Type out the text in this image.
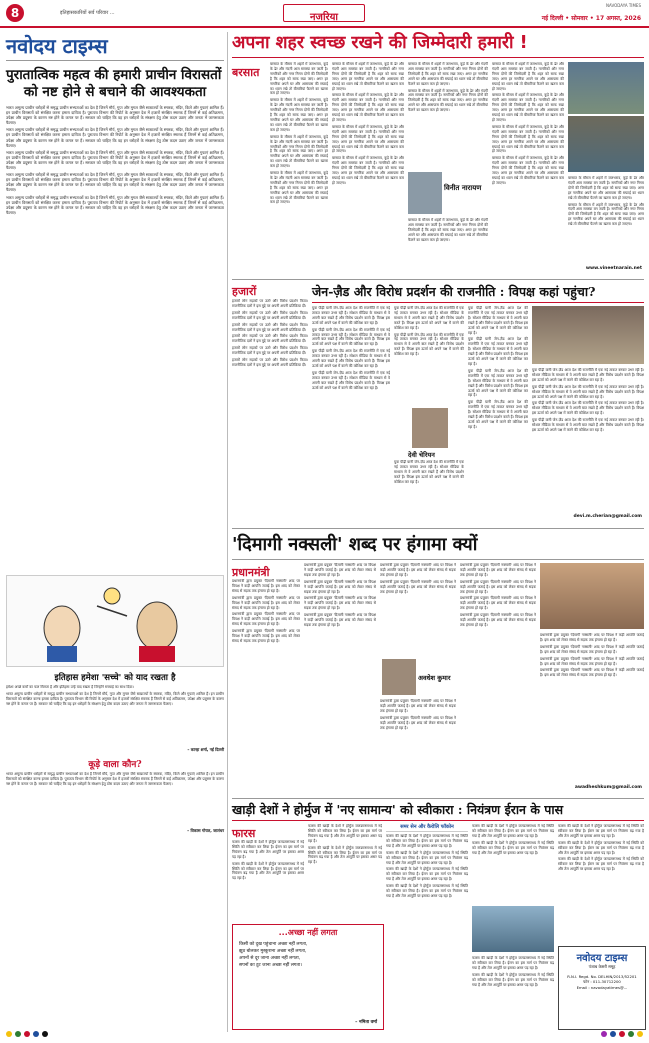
8	इतिहासकारियों सर्व परिवार ...	नजरिया
NAVODAYA TIMES
नई दिल्ली • सोमवार • 17 अगस्त, 2026
नवोदय टाइम्स
पुरातात्विक महत्व की हमारी प्राचीन विरासतों
को नष्ट होने से बचाने की आवश्यकता

भारत अमूल्य प्राचीन धरोहरों से समृद्ध प्राचीन सभ्यताओं का देश है जिनमें मौर्य, गुप्त और मुगल जैसे साम्राज्यों के स्मारक, मंदिर, किले और गुफाएं शामिल हैं। इन प्राचीन विरासतों को संरक्षित करना हमारा दायित्व है। पुरातत्व विभाग की रिपोर्ट के अनुसार देश में हजारों संरक्षित स्मारक हैं जिनमें से कई अतिक्रमण, उपेक्षा और प्रदूषण के कारण नष्ट होने के कगार पर हैं। सरकार को चाहिए कि वह इन धरोहरों के संरक्षण हेतु ठोस कदम उठाए और जनता में जागरूकता फैलाए।

भारत अमूल्य प्राचीन धरोहरों से समृद्ध प्राचीन सभ्यताओं का देश है जिनमें मौर्य, गुप्त और मुगल जैसे साम्राज्यों के स्मारक, मंदिर, किले और गुफाएं शामिल हैं। इन प्राचीन विरासतों को संरक्षित करना हमारा दायित्व है। पुरातत्व विभाग की रिपोर्ट के अनुसार देश में हजारों संरक्षित स्मारक हैं जिनमें से कई अतिक्रमण, उपेक्षा और प्रदूषण के कारण नष्ट होने के कगार पर हैं। सरकार को चाहिए कि वह इन धरोहरों के संरक्षण हेतु ठोस कदम उठाए और जनता में जागरूकता फैलाए।

भारत अमूल्य प्राचीन धरोहरों से समृद्ध प्राचीन सभ्यताओं का देश है जिनमें मौर्य, गुप्त और मुगल जैसे साम्राज्यों के स्मारक, मंदिर, किले और गुफाएं शामिल हैं। इन प्राचीन विरासतों को संरक्षित करना हमारा दायित्व है। पुरातत्व विभाग की रिपोर्ट के अनुसार देश में हजारों संरक्षित स्मारक हैं जिनमें से कई अतिक्रमण, उपेक्षा और प्रदूषण के कारण नष्ट होने के कगार पर हैं। सरकार को चाहिए कि वह इन धरोहरों के संरक्षण हेतु ठोस कदम उठाए और जनता में जागरूकता फैलाए।

भारत अमूल्य प्राचीन धरोहरों से समृद्ध प्राचीन सभ्यताओं का देश है जिनमें मौर्य, गुप्त और मुगल जैसे साम्राज्यों के स्मारक, मंदिर, किले और गुफाएं शामिल हैं। इन प्राचीन विरासतों को संरक्षित करना हमारा दायित्व है। पुरातत्व विभाग की रिपोर्ट के अनुसार देश में हजारों संरक्षित स्मारक हैं जिनमें से कई अतिक्रमण, उपेक्षा और प्रदूषण के कारण नष्ट होने के कगार पर हैं। सरकार को चाहिए कि वह इन धरोहरों के संरक्षण हेतु ठोस कदम उठाए और जनता में जागरूकता फैलाए।

भारत अमूल्य प्राचीन धरोहरों से समृद्ध प्राचीन सभ्यताओं का देश है जिनमें मौर्य, गुप्त और मुगल जैसे साम्राज्यों के स्मारक, मंदिर, किले और गुफाएं शामिल हैं। इन प्राचीन विरासतों को संरक्षित करना हमारा दायित्व है। पुरातत्व विभाग की रिपोर्ट के अनुसार देश में हजारों संरक्षित स्मारक हैं जिनमें से कई अतिक्रमण, उपेक्षा और प्रदूषण के कारण नष्ट होने के कगार पर हैं। सरकार को चाहिए कि वह इन धरोहरों के संरक्षण हेतु ठोस कदम उठाए और जनता में जागरूकता फैलाए।

इतिहास हमेशा 'सच्चे' को याद रखता है

हमेशा अच्छे कर्मों का फल मिलता है और इतिहास उन्हें याद रखता है जिन्होंने सच्चाई का साथ दिया।

भारत अमूल्य प्राचीन धरोहरों से समृद्ध प्राचीन सभ्यताओं का देश है जिनमें मौर्य, गुप्त और मुगल जैसे साम्राज्यों के स्मारक, मंदिर, किले और गुफाएं शामिल हैं। इन प्राचीन विरासतों को संरक्षित करना हमारा दायित्व है। पुरातत्व विभाग की रिपोर्ट के अनुसार देश में हजारों संरक्षित स्मारक हैं जिनमें से कई अतिक्रमण, उपेक्षा और प्रदूषण के कारण नष्ट होने के कगार पर हैं। सरकार को चाहिए कि वह इन धरोहरों के संरक्षण हेतु ठोस कदम उठाए और जनता में जागरूकता फैलाए।

– कान्हा शर्मा, नई दिल्ली
कूड़े वाला कौन?

भारत अमूल्य प्राचीन धरोहरों से समृद्ध प्राचीन सभ्यताओं का देश है जिनमें मौर्य, गुप्त और मुगल जैसे साम्राज्यों के स्मारक, मंदिर, किले और गुफाएं शामिल हैं। इन प्राचीन विरासतों को संरक्षित करना हमारा दायित्व है। पुरातत्व विभाग की रिपोर्ट के अनुसार देश में हजारों संरक्षित स्मारक हैं जिनमें से कई अतिक्रमण, उपेक्षा और प्रदूषण के कारण नष्ट होने के कगार पर हैं। सरकार को चाहिए कि वह इन धरोहरों के संरक्षण हेतु ठोस कदम उठाए और जनता में जागरूकता फैलाए।

– विकास गोयल, जालंधर
अपना शहर स्वच्छ रखने की जिम्मेदारी हमारी !
बरसात

बरसात के मौसम में शहरों में जलभराव, कूड़े के ढेर और गंदगी आम समस्या बन जाती है। नागरिकों और नगर निगम दोनों की जिम्मेदारी है कि शहर को साफ रखा जाए। अगर हर नागरिक अपने घर और आसपास की सफाई का ध्यान रखे तो बीमारियां फैलने का खतरा कम हो जाएगा।

बरसात के मौसम में शहरों में जलभराव, कूड़े के ढेर और गंदगी आम समस्या बन जाती है। नागरिकों और नगर निगम दोनों की जिम्मेदारी है कि शहर को साफ रखा जाए। अगर हर नागरिक अपने घर और आसपास की सफाई का ध्यान रखे तो बीमारियां फैलने का खतरा कम हो जाएगा।

बरसात के मौसम में शहरों में जलभराव, कूड़े के ढेर और गंदगी आम समस्या बन जाती है। नागरिकों और नगर निगम दोनों की जिम्मेदारी है कि शहर को साफ रखा जाए। अगर हर नागरिक अपने घर और आसपास की सफाई का ध्यान रखे तो बीमारियां फैलने का खतरा कम हो जाएगा।

बरसात के मौसम में शहरों में जलभराव, कूड़े के ढेर और गंदगी आम समस्या बन जाती है। नागरिकों और नगर निगम दोनों की जिम्मेदारी है कि शहर को साफ रखा जाए। अगर हर नागरिक अपने घर और आसपास की सफाई का ध्यान रखे तो बीमारियां फैलने का खतरा कम हो जाएगा।

बरसात के मौसम में शहरों में जलभराव, कूड़े के ढेर और गंदगी आम समस्या बन जाती है। नागरिकों और नगर निगम दोनों की जिम्मेदारी है कि शहर को साफ रखा जाए। अगर हर नागरिक अपने घर और आसपास की सफाई का ध्यान रखे तो बीमारियां फैलने का खतरा कम हो जाएगा।

बरसात के मौसम में शहरों में जलभराव, कूड़े के ढेर और गंदगी आम समस्या बन जाती है। नागरिकों और नगर निगम दोनों की जिम्मेदारी है कि शहर को साफ रखा जाए। अगर हर नागरिक अपने घर और आसपास की सफाई का ध्यान रखे तो बीमारियां फैलने का खतरा कम हो जाएगा।

बरसात के मौसम में शहरों में जलभराव, कूड़े के ढेर और गंदगी आम समस्या बन जाती है। नागरिकों और नगर निगम दोनों की जिम्मेदारी है कि शहर को साफ रखा जाए। अगर हर नागरिक अपने घर और आसपास की सफाई का ध्यान रखे तो बीमारियां फैलने का खतरा कम हो जाएगा।

बरसात के मौसम में शहरों में जलभराव, कूड़े के ढेर और गंदगी आम समस्या बन जाती है। नागरिकों और नगर निगम दोनों की जिम्मेदारी है कि शहर को साफ रखा जाए। अगर हर नागरिक अपने घर और आसपास की सफाई का ध्यान रखे तो बीमारियां फैलने का खतरा कम हो जाएगा।

बरसात के मौसम में शहरों में जलभराव, कूड़े के ढेर और गंदगी आम समस्या बन जाती है। नागरिकों और नगर निगम दोनों की जिम्मेदारी है कि शहर को साफ रखा जाए। अगर हर नागरिक अपने घर और आसपास की सफाई का ध्यान रखे तो बीमारियां फैलने का खतरा कम हो जाएगा।

बरसात के मौसम में शहरों में जलभराव, कूड़े के ढेर और गंदगी आम समस्या बन जाती है। नागरिकों और नगर निगम दोनों की जिम्मेदारी है कि शहर को साफ रखा जाए। अगर हर नागरिक अपने घर और आसपास की सफाई का ध्यान रखे तो बीमारियां फैलने का खतरा कम हो जाएगा।

विनीत नारायण

बरसात के मौसम में शहरों में जलभराव, कूड़े के ढेर और गंदगी आम समस्या बन जाती है। नागरिकों और नगर निगम दोनों की जिम्मेदारी है कि शहर को साफ रखा जाए। अगर हर नागरिक अपने घर और आसपास की सफाई का ध्यान रखे तो बीमारियां फैलने का खतरा कम हो जाएगा।

बरसात के मौसम में शहरों में जलभराव, कूड़े के ढेर और गंदगी आम समस्या बन जाती है। नागरिकों और नगर निगम दोनों की जिम्मेदारी है कि शहर को साफ रखा जाए। अगर हर नागरिक अपने घर और आसपास की सफाई का ध्यान रखे तो बीमारियां फैलने का खतरा कम हो जाएगा।

बरसात के मौसम में शहरों में जलभराव, कूड़े के ढेर और गंदगी आम समस्या बन जाती है। नागरिकों और नगर निगम दोनों की जिम्मेदारी है कि शहर को साफ रखा जाए। अगर हर नागरिक अपने घर और आसपास की सफाई का ध्यान रखे तो बीमारियां फैलने का खतरा कम हो जाएगा।

बरसात के मौसम में शहरों में जलभराव, कूड़े के ढेर और गंदगी आम समस्या बन जाती है। नागरिकों और नगर निगम दोनों की जिम्मेदारी है कि शहर को साफ रखा जाए। अगर हर नागरिक अपने घर और आसपास की सफाई का ध्यान रखे तो बीमारियां फैलने का खतरा कम हो जाएगा।

बरसात के मौसम में शहरों में जलभराव, कूड़े के ढेर और गंदगी आम समस्या बन जाती है। नागरिकों और नगर निगम दोनों की जिम्मेदारी है कि शहर को साफ रखा जाए। अगर हर नागरिक अपने घर और आसपास की सफाई का ध्यान रखे तो बीमारियां फैलने का खतरा कम हो जाएगा।

बरसात के मौसम में शहरों में जलभराव, कूड़े के ढेर और गंदगी आम समस्या बन जाती है। नागरिकों और नगर निगम दोनों की जिम्मेदारी है कि शहर को साफ रखा जाए। अगर हर नागरिक अपने घर और आसपास की सफाई का ध्यान रखे तो बीमारियां फैलने का खतरा कम हो जाएगा।

बरसात के मौसम में शहरों में जलभराव, कूड़े के ढेर और गंदगी आम समस्या बन जाती है। नागरिकों और नगर निगम दोनों की जिम्मेदारी है कि शहर को साफ रखा जाए। अगर हर नागरिक अपने घर और आसपास की सफाई का ध्यान रखे तो बीमारियां फैलने का खतरा कम हो जाएगा।

www.vineetnarain.net
हजारों

हजारों लोग सड़कों पर उतरे और विरोध प्रदर्शन किया। राजनीतिक दलों ने इस मुद्दे पर अपनी अपनी प्रतिक्रिया दी।

हजारों लोग सड़कों पर उतरे और विरोध प्रदर्शन किया। राजनीतिक दलों ने इस मुद्दे पर अपनी अपनी प्रतिक्रिया दी।

हजारों लोग सड़कों पर उतरे और विरोध प्रदर्शन किया। राजनीतिक दलों ने इस मुद्दे पर अपनी अपनी प्रतिक्रिया दी।

हजारों लोग सड़कों पर उतरे और विरोध प्रदर्शन किया। राजनीतिक दलों ने इस मुद्दे पर अपनी अपनी प्रतिक्रिया दी।

हजारों लोग सड़कों पर उतरे और विरोध प्रदर्शन किया। राजनीतिक दलों ने इस मुद्दे पर अपनी अपनी प्रतिक्रिया दी।

हजारों लोग सड़कों पर उतरे और विरोध प्रदर्शन किया। राजनीतिक दलों ने इस मुद्दे पर अपनी अपनी प्रतिक्रिया दी।

जेन-ज़ैड और विरोध प्रदर्शन की राजनीति : विपक्ष कहां पहुंचा?

युवा पीढ़ी यानी जेन-ज़ैड आज देश की राजनीति में एक नई ताकत बनकर उभर रही है। सोशल मीडिया के माध्यम से वे अपनी बात रखते हैं और विरोध प्रदर्शन करते हैं। विपक्ष इस ऊर्जा को अपने पक्ष में करने की कोशिश कर रहा है।

युवा पीढ़ी यानी जेन-ज़ैड आज देश की राजनीति में एक नई ताकत बनकर उभर रही है। सोशल मीडिया के माध्यम से वे अपनी बात रखते हैं और विरोध प्रदर्शन करते हैं। विपक्ष इस ऊर्जा को अपने पक्ष में करने की कोशिश कर रहा है।

युवा पीढ़ी यानी जेन-ज़ैड आज देश की राजनीति में एक नई ताकत बनकर उभर रही है। सोशल मीडिया के माध्यम से वे अपनी बात रखते हैं और विरोध प्रदर्शन करते हैं। विपक्ष इस ऊर्जा को अपने पक्ष में करने की कोशिश कर रहा है।

युवा पीढ़ी यानी जेन-ज़ैड आज देश की राजनीति में एक नई ताकत बनकर उभर रही है। सोशल मीडिया के माध्यम से वे अपनी बात रखते हैं और विरोध प्रदर्शन करते हैं। विपक्ष इस ऊर्जा को अपने पक्ष में करने की कोशिश कर रहा है।

युवा पीढ़ी यानी जेन-ज़ैड आज देश की राजनीति में एक नई ताकत बनकर उभर रही है। सोशल मीडिया के माध्यम से वे अपनी बात रखते हैं और विरोध प्रदर्शन करते हैं। विपक्ष इस ऊर्जा को अपने पक्ष में करने की कोशिश कर रहा है।

युवा पीढ़ी यानी जेन-ज़ैड आज देश की राजनीति में एक नई ताकत बनकर उभर रही है। सोशल मीडिया के माध्यम से वे अपनी बात रखते हैं और विरोध प्रदर्शन करते हैं। विपक्ष इस ऊर्जा को अपने पक्ष में करने की कोशिश कर रहा है।

देवी चेरियन

युवा पीढ़ी यानी जेन-ज़ैड आज देश की राजनीति में एक नई ताकत बनकर उभर रही है। सोशल मीडिया के माध्यम से वे अपनी बात रखते हैं और विरोध प्रदर्शन करते हैं। विपक्ष इस ऊर्जा को अपने पक्ष में करने की कोशिश कर रहा है।

युवा पीढ़ी यानी जेन-ज़ैड आज देश की राजनीति में एक नई ताकत बनकर उभर रही है। सोशल मीडिया के माध्यम से वे अपनी बात रखते हैं और विरोध प्रदर्शन करते हैं। विपक्ष इस ऊर्जा को अपने पक्ष में करने की कोशिश कर रहा है।

युवा पीढ़ी यानी जेन-ज़ैड आज देश की राजनीति में एक नई ताकत बनकर उभर रही है। सोशल मीडिया के माध्यम से वे अपनी बात रखते हैं और विरोध प्रदर्शन करते हैं। विपक्ष इस ऊर्जा को अपने पक्ष में करने की कोशिश कर रहा है।

युवा पीढ़ी यानी जेन-ज़ैड आज देश की राजनीति में एक नई ताकत बनकर उभर रही है। सोशल मीडिया के माध्यम से वे अपनी बात रखते हैं और विरोध प्रदर्शन करते हैं। विपक्ष इस ऊर्जा को अपने पक्ष में करने की कोशिश कर रहा है।

युवा पीढ़ी यानी जेन-ज़ैड आज देश की राजनीति में एक नई ताकत बनकर उभर रही है। सोशल मीडिया के माध्यम से वे अपनी बात रखते हैं और विरोध प्रदर्शन करते हैं। विपक्ष इस ऊर्जा को अपने पक्ष में करने की कोशिश कर रहा है।

युवा पीढ़ी यानी जेन-ज़ैड आज देश की राजनीति में एक नई ताकत बनकर उभर रही है। सोशल मीडिया के माध्यम से वे अपनी बात रखते हैं और विरोध प्रदर्शन करते हैं। विपक्ष इस ऊर्जा को अपने पक्ष में करने की कोशिश कर रहा है।

युवा पीढ़ी यानी जेन-ज़ैड आज देश की राजनीति में एक नई ताकत बनकर उभर रही है। सोशल मीडिया के माध्यम से वे अपनी बात रखते हैं और विरोध प्रदर्शन करते हैं। विपक्ष इस ऊर्जा को अपने पक्ष में करने की कोशिश कर रहा है।

युवा पीढ़ी यानी जेन-ज़ैड आज देश की राजनीति में एक नई ताकत बनकर उभर रही है। सोशल मीडिया के माध्यम से वे अपनी बात रखते हैं और विरोध प्रदर्शन करते हैं। विपक्ष इस ऊर्जा को अपने पक्ष में करने की कोशिश कर रहा है।

युवा पीढ़ी यानी जेन-ज़ैड आज देश की राजनीति में एक नई ताकत बनकर उभर रही है। सोशल मीडिया के माध्यम से वे अपनी बात रखते हैं और विरोध प्रदर्शन करते हैं। विपक्ष इस ऊर्जा को अपने पक्ष में करने की कोशिश कर रहा है।

devi.m.cherian@gmail.com
'दिमागी नक्सली' शब्द पर हंगामा क्यों
प्रधानमंत्री

प्रधानमंत्री द्वारा प्रयुक्त 'दिमागी नक्सली' शब्द पर विपक्ष ने कड़ी आपत्ति जताई है। इस शब्द को लेकर संसद से सड़क तक हंगामा हो रहा है।

प्रधानमंत्री द्वारा प्रयुक्त 'दिमागी नक्सली' शब्द पर विपक्ष ने कड़ी आपत्ति जताई है। इस शब्द को लेकर संसद से सड़क तक हंगामा हो रहा है।

प्रधानमंत्री द्वारा प्रयुक्त 'दिमागी नक्सली' शब्द पर विपक्ष ने कड़ी आपत्ति जताई है। इस शब्द को लेकर संसद से सड़क तक हंगामा हो रहा है।

प्रधानमंत्री द्वारा प्रयुक्त 'दिमागी नक्सली' शब्द पर विपक्ष ने कड़ी आपत्ति जताई है। इस शब्द को लेकर संसद से सड़क तक हंगामा हो रहा है।

प्रधानमंत्री द्वारा प्रयुक्त 'दिमागी नक्सली' शब्द पर विपक्ष ने कड़ी आपत्ति जताई है। इस शब्द को लेकर संसद से सड़क तक हंगामा हो रहा है।

प्रधानमंत्री द्वारा प्रयुक्त 'दिमागी नक्सली' शब्द पर विपक्ष ने कड़ी आपत्ति जताई है। इस शब्द को लेकर संसद से सड़क तक हंगामा हो रहा है।

प्रधानमंत्री द्वारा प्रयुक्त 'दिमागी नक्सली' शब्द पर विपक्ष ने कड़ी आपत्ति जताई है। इस शब्द को लेकर संसद से सड़क तक हंगामा हो रहा है।

प्रधानमंत्री द्वारा प्रयुक्त 'दिमागी नक्सली' शब्द पर विपक्ष ने कड़ी आपत्ति जताई है। इस शब्द को लेकर संसद से सड़क तक हंगामा हो रहा है।

प्रधानमंत्री द्वारा प्रयुक्त 'दिमागी नक्सली' शब्द पर विपक्ष ने कड़ी आपत्ति जताई है। इस शब्द को लेकर संसद से सड़क तक हंगामा हो रहा है।

प्रधानमंत्री द्वारा प्रयुक्त 'दिमागी नक्सली' शब्द पर विपक्ष ने कड़ी आपत्ति जताई है। इस शब्द को लेकर संसद से सड़क तक हंगामा हो रहा है।

अवधेश कुमार

प्रधानमंत्री द्वारा प्रयुक्त 'दिमागी नक्सली' शब्द पर विपक्ष ने कड़ी आपत्ति जताई है। इस शब्द को लेकर संसद से सड़क तक हंगामा हो रहा है।

प्रधानमंत्री द्वारा प्रयुक्त 'दिमागी नक्सली' शब्द पर विपक्ष ने कड़ी आपत्ति जताई है। इस शब्द को लेकर संसद से सड़क तक हंगामा हो रहा है।

प्रधानमंत्री द्वारा प्रयुक्त 'दिमागी नक्सली' शब्द पर विपक्ष ने कड़ी आपत्ति जताई है। इस शब्द को लेकर संसद से सड़क तक हंगामा हो रहा है।

प्रधानमंत्री द्वारा प्रयुक्त 'दिमागी नक्सली' शब्द पर विपक्ष ने कड़ी आपत्ति जताई है। इस शब्द को लेकर संसद से सड़क तक हंगामा हो रहा है।

प्रधानमंत्री द्वारा प्रयुक्त 'दिमागी नक्सली' शब्द पर विपक्ष ने कड़ी आपत्ति जताई है। इस शब्द को लेकर संसद से सड़क तक हंगामा हो रहा है।

प्रधानमंत्री द्वारा प्रयुक्त 'दिमागी नक्सली' शब्द पर विपक्ष ने कड़ी आपत्ति जताई है। इस शब्द को लेकर संसद से सड़क तक हंगामा हो रहा है।

प्रधानमंत्री द्वारा प्रयुक्त 'दिमागी नक्सली' शब्द पर विपक्ष ने कड़ी आपत्ति जताई है। इस शब्द को लेकर संसद से सड़क तक हंगामा हो रहा है।

प्रधानमंत्री द्वारा प्रयुक्त 'दिमागी नक्सली' शब्द पर विपक्ष ने कड़ी आपत्ति जताई है। इस शब्द को लेकर संसद से सड़क तक हंगामा हो रहा है।

प्रधानमंत्री द्वारा प्रयुक्त 'दिमागी नक्सली' शब्द पर विपक्ष ने कड़ी आपत्ति जताई है। इस शब्द को लेकर संसद से सड़क तक हंगामा हो रहा है।

प्रधानमंत्री द्वारा प्रयुक्त 'दिमागी नक्सली' शब्द पर विपक्ष ने कड़ी आपत्ति जताई है। इस शब्द को लेकर संसद से सड़क तक हंगामा हो रहा है।

awadheshkum@gmail.com
खाड़ी देशों ने होर्मुज में 'नए सामान्य' को स्वीकारा : नियंत्रण ईरान के पास
फारस

फारस की खाड़ी के देशों ने होर्मुज जलडमरूमध्य में नई स्थिति को स्वीकार कर लिया है। ईरान का इस मार्ग पर नियंत्रण बढ़ गया है और तेल आपूर्ति पर इसका असर पड़ रहा है।

फारस की खाड़ी के देशों ने होर्मुज जलडमरूमध्य में नई स्थिति को स्वीकार कर लिया है। ईरान का इस मार्ग पर नियंत्रण बढ़ गया है और तेल आपूर्ति पर इसका असर पड़ रहा है।

...अच्छा नहीं लगता
किसी को दुख पहुंचाना अच्छा नहीं लगता,
झूठ बोलकर मुस्कुराना अच्छा नहीं लगता,
अपनों से दूर जाना अच्छा नहीं लगता,
सपनों का टूट जाना अच्छा नहीं लगता।
– नमिता वर्मा

फारस की खाड़ी के देशों ने होर्मुज जलडमरूमध्य में नई स्थिति को स्वीकार कर लिया है। ईरान का इस मार्ग पर नियंत्रण बढ़ गया है और तेल आपूर्ति पर इसका असर पड़ रहा है।

फारस की खाड़ी के देशों ने होर्मुज जलडमरूमध्य में नई स्थिति को स्वीकार कर लिया है। ईरान का इस मार्ग पर नियंत्रण बढ़ गया है और तेल आपूर्ति पर इसका असर पड़ रहा है।

समर सेन और कैरोलि फॉकोन

फारस की खाड़ी के देशों ने होर्मुज जलडमरूमध्य में नई स्थिति को स्वीकार कर लिया है। ईरान का इस मार्ग पर नियंत्रण बढ़ गया है और तेल आपूर्ति पर इसका असर पड़ रहा है।

फारस की खाड़ी के देशों ने होर्मुज जलडमरूमध्य में नई स्थिति को स्वीकार कर लिया है। ईरान का इस मार्ग पर नियंत्रण बढ़ गया है और तेल आपूर्ति पर इसका असर पड़ रहा है।

फारस की खाड़ी के देशों ने होर्मुज जलडमरूमध्य में नई स्थिति को स्वीकार कर लिया है। ईरान का इस मार्ग पर नियंत्रण बढ़ गया है और तेल आपूर्ति पर इसका असर पड़ रहा है।

फारस की खाड़ी के देशों ने होर्मुज जलडमरूमध्य में नई स्थिति को स्वीकार कर लिया है। ईरान का इस मार्ग पर नियंत्रण बढ़ गया है और तेल आपूर्ति पर इसका असर पड़ रहा है।

फारस की खाड़ी के देशों ने होर्मुज जलडमरूमध्य में नई स्थिति को स्वीकार कर लिया है। ईरान का इस मार्ग पर नियंत्रण बढ़ गया है और तेल आपूर्ति पर इसका असर पड़ रहा है।

फारस की खाड़ी के देशों ने होर्मुज जलडमरूमध्य में नई स्थिति को स्वीकार कर लिया है। ईरान का इस मार्ग पर नियंत्रण बढ़ गया है और तेल आपूर्ति पर इसका असर पड़ रहा है।

फारस की खाड़ी के देशों ने होर्मुज जलडमरूमध्य में नई स्थिति को स्वीकार कर लिया है। ईरान का इस मार्ग पर नियंत्रण बढ़ गया है और तेल आपूर्ति पर इसका असर पड़ रहा है।

फारस की खाड़ी के देशों ने होर्मुज जलडमरूमध्य में नई स्थिति को स्वीकार कर लिया है। ईरान का इस मार्ग पर नियंत्रण बढ़ गया है और तेल आपूर्ति पर इसका असर पड़ रहा है।

फारस की खाड़ी के देशों ने होर्मुज जलडमरूमध्य में नई स्थिति को स्वीकार कर लिया है। ईरान का इस मार्ग पर नियंत्रण बढ़ गया है और तेल आपूर्ति पर इसका असर पड़ रहा है।

फारस की खाड़ी के देशों ने होर्मुज जलडमरूमध्य में नई स्थिति को स्वीकार कर लिया है। ईरान का इस मार्ग पर नियंत्रण बढ़ गया है और तेल आपूर्ति पर इसका असर पड़ रहा है।

फारस की खाड़ी के देशों ने होर्मुज जलडमरूमध्य में नई स्थिति को स्वीकार कर लिया है। ईरान का इस मार्ग पर नियंत्रण बढ़ गया है और तेल आपूर्ति पर इसका असर पड़ रहा है।

नवोदय टाइम्स
पंजाब केसरी समूह
R.N.I. Regd. No. DELHIN/2013/52201
फोन : 011-30712200
Email : navodayatimes@...
